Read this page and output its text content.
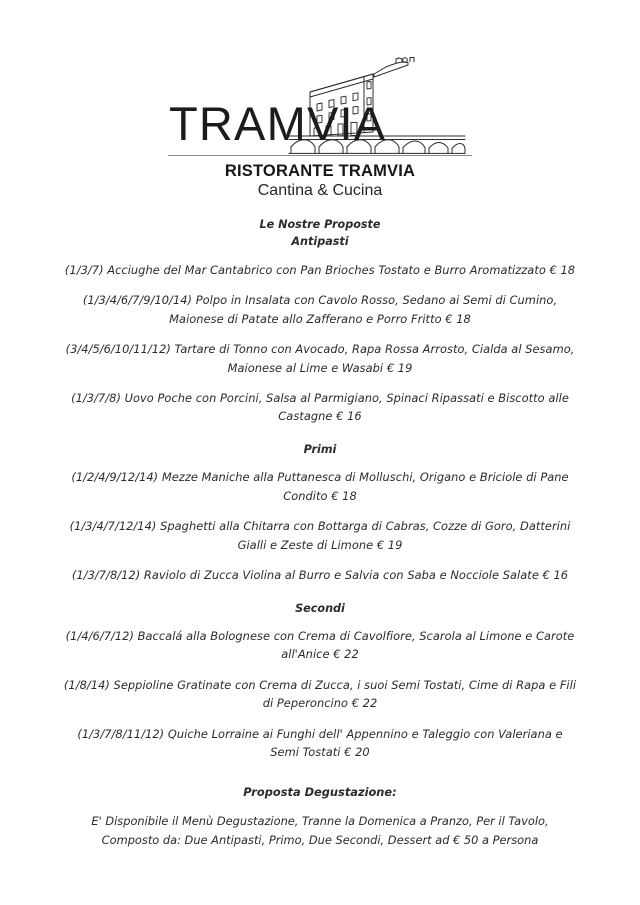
TRAMVIA
RISTORANTE TRAMVIA
Cantina & Cucina
Le Nostre Proposte
Antipasti

(1/3/7) Acciughe del Mar Cantabrico con Pan Brioches Tostato e Burro Aromatizzato € 18

(1/3/4/6/7/9/10/14) Polpo in Insalata con Cavolo Rosso, Sedano ai Semi di Cumino, Maionese di Patate allo Zafferano e Porro Fritto € 18

(3/4/5/6/10/11/12) Tartare di Tonno con Avocado, Rapa Rossa Arrosto, Cialda al Sesamo, Maionese al Lime e Wasabi € 19

(1/3/7/8) Uovo Poche con Porcini, Salsa al Parmigiano, Spinaci Ripassati e Biscotto alle Castagne € 16

Primi

(1/2/4/9/12/14) Mezze Maniche alla Puttanesca di Molluschi, Origano e Briciole di Pane Condito € 18

(1/3/4/7/12/14) Spaghetti alla Chitarra con Bottarga di Cabras, Cozze di Goro, Datterini Gialli e Zeste di Limone € 19

(1/3/7/8/12) Raviolo di Zucca Violina al Burro e Salvia con Saba e Nocciole Salate € 16

Secondi

(1/4/6/7/12) Baccalá alla Bolognese con Crema di Cavolfiore, Scarola al Limone e Carote all'Anice € 22

(1/8/14) Seppioline Gratinate con Crema di Zucca, i suoi Semi Tostati, Cime di Rapa e Fili di Peperoncino € 22

(1/3/7/8/11/12) Quiche Lorraine ai Funghi dell' Appennino e Taleggio con Valeriana e Semi Tostati € 20

Proposta Degustazione:

E' Disponibile il Menù Degustazione, Tranne la Domenica a Pranzo, Per il Tavolo, Composto da: Due Antipasti, Primo, Due Secondi, Dessert ad € 50 a Persona
